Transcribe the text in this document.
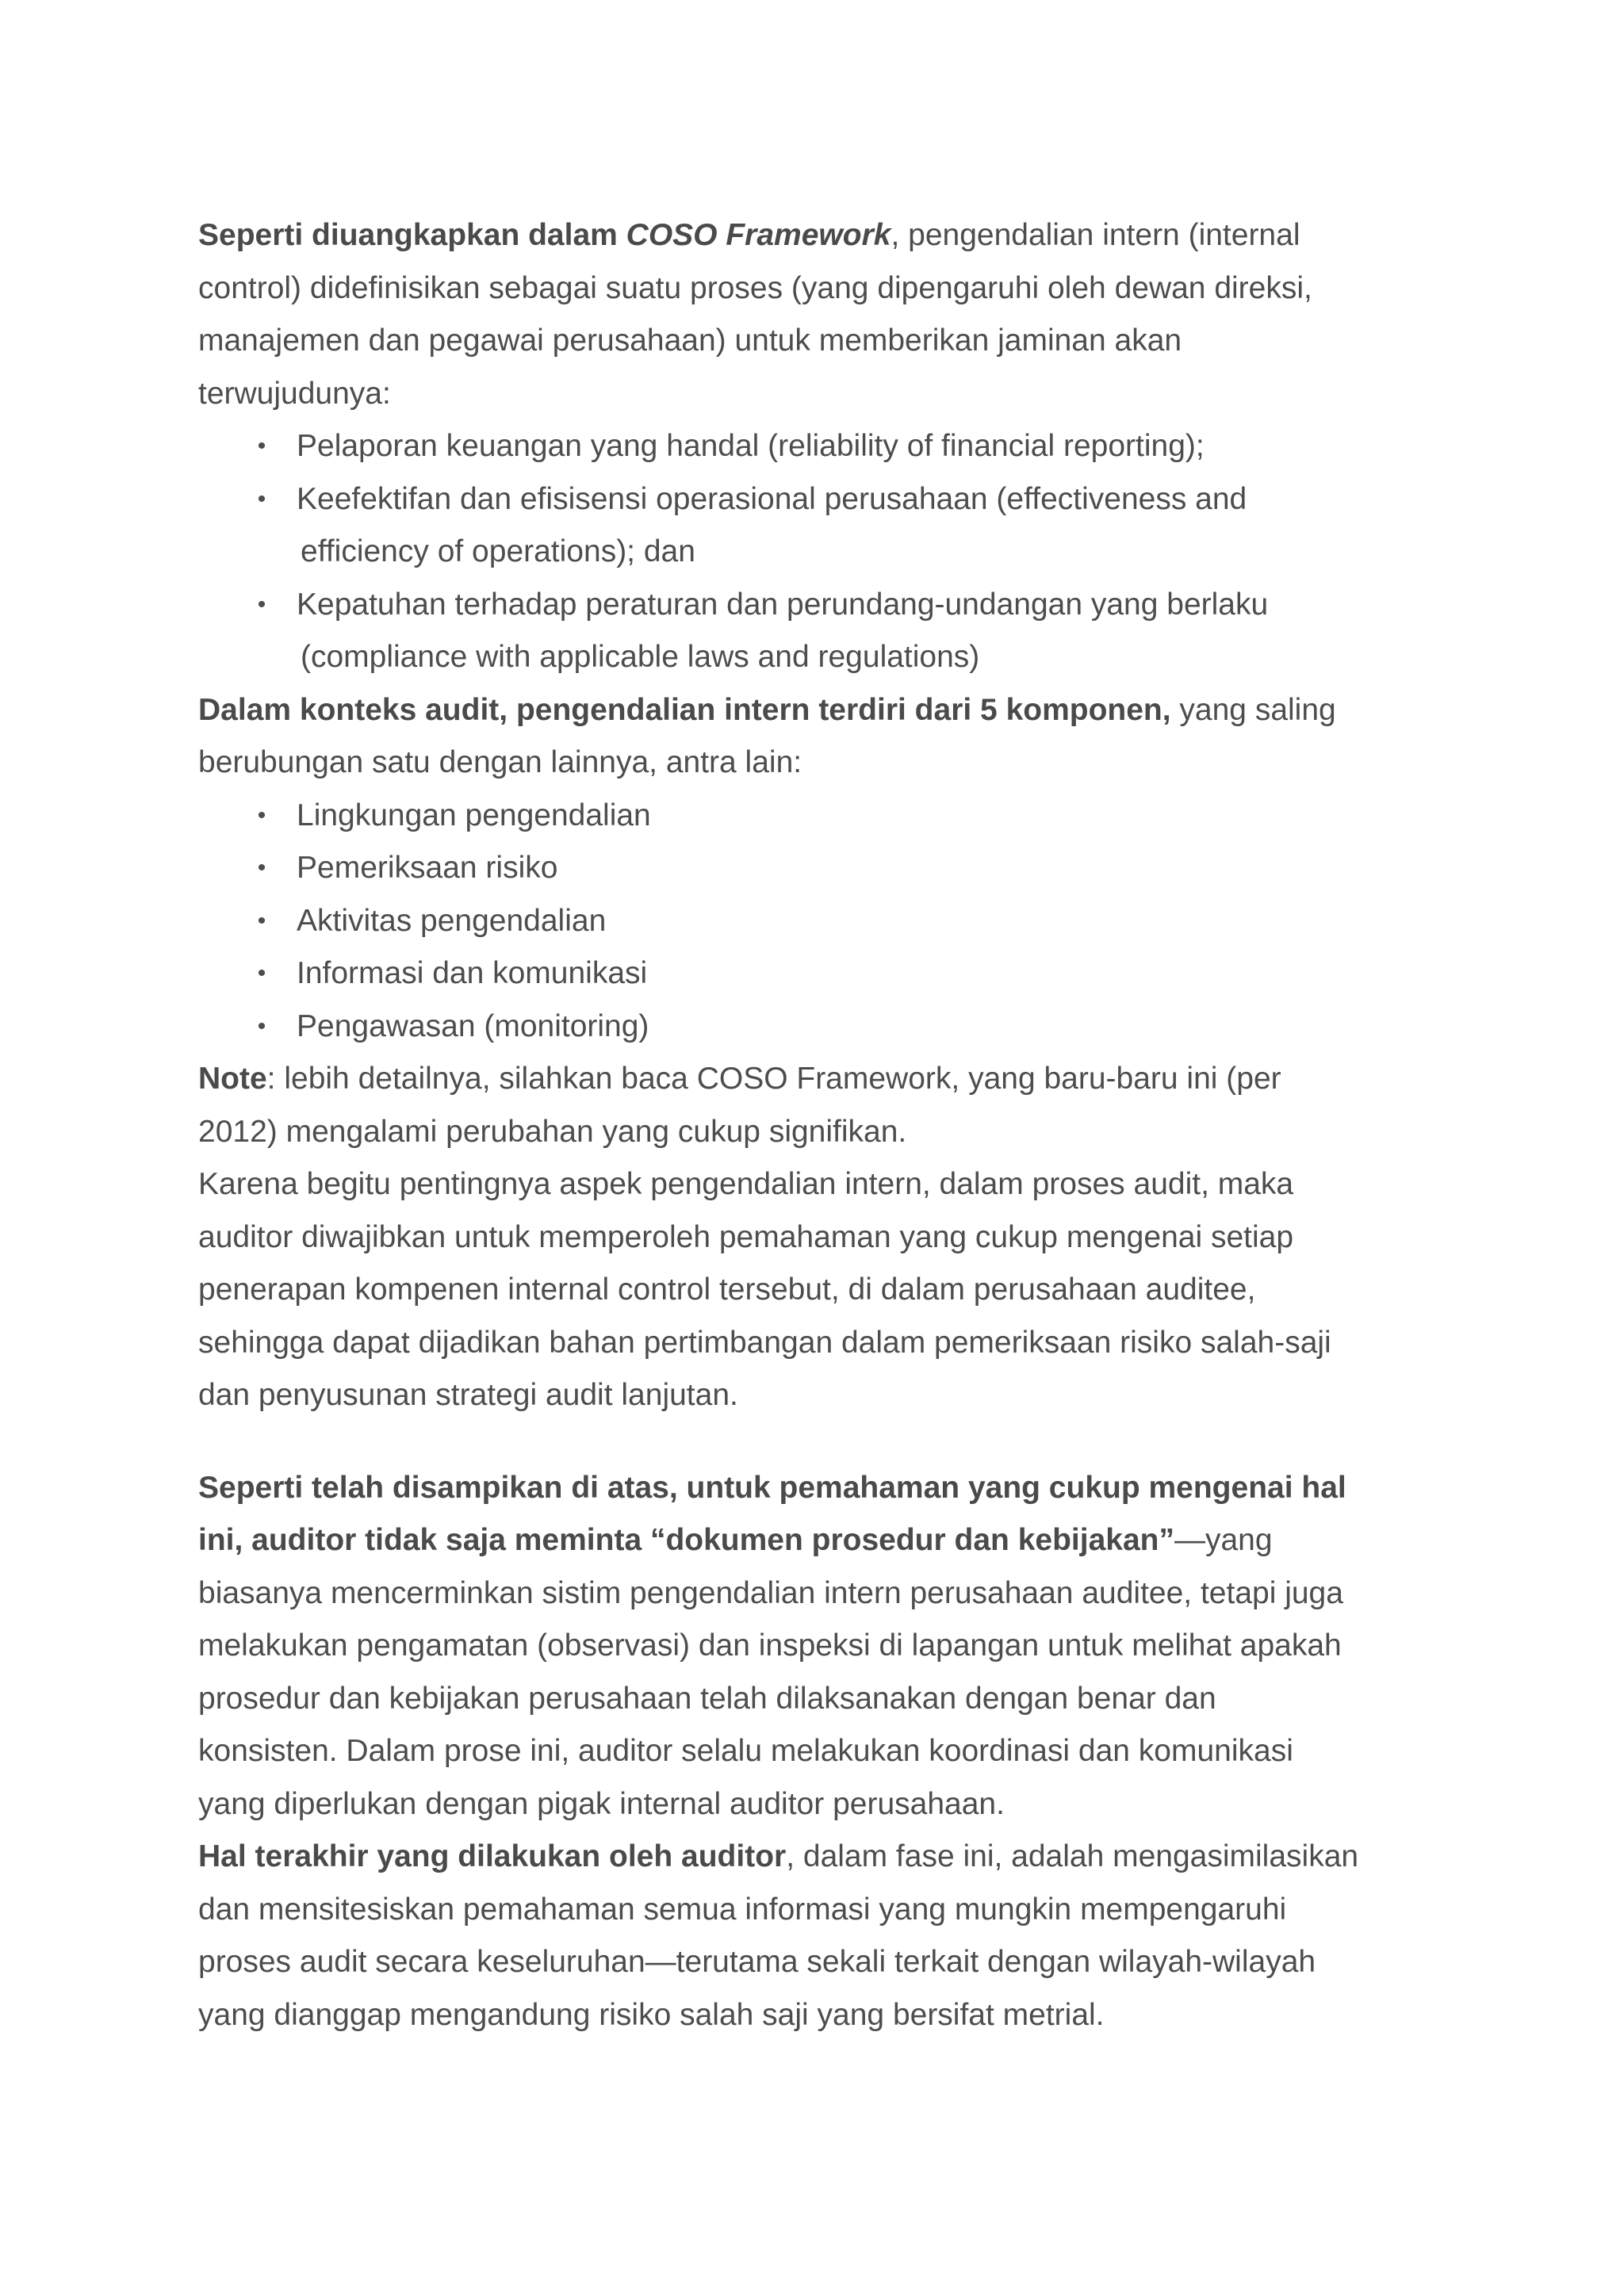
Seperti diuangkapkan dalam COSO Framework, pengendalian intern (internal
control) didefinisikan sebagai suatu proses (yang dipengaruhi oleh dewan direksi,
manajemen dan pegawai perusahaan) untuk memberikan jaminan akan
terwujudunya:

• Pelaporan keuangan yang handal (reliability of financial reporting);
• Keefektifan dan efisisensi operasional perusahaan (effectiveness and
efficiency of operations); dan
• Kepatuhan terhadap peraturan dan perundang-undangan yang berlaku
(compliance with applicable laws and regulations)

Dalam konteks audit, pengendalian intern terdiri dari 5 komponen, yang saling
berubungan satu dengan lainnya, antra lain:

• Lingkungan pengendalian
• Pemeriksaan risiko
• Aktivitas pengendalian
• Informasi dan komunikasi
• Pengawasan (monitoring)

Note: lebih detailnya, silahkan baca COSO Framework, yang baru-baru ini (per
2012) mengalami perubahan yang cukup signifikan.

Karena begitu pentingnya aspek pengendalian intern, dalam proses audit, maka
auditor diwajibkan untuk memperoleh pemahaman yang cukup mengenai setiap
penerapan kompenen internal control tersebut, di dalam perusahaan auditee,
sehingga dapat dijadikan bahan pertimbangan dalam pemeriksaan risiko salah-saji
dan penyusunan strategi audit lanjutan.

Seperti telah disampikan di atas, untuk pemahaman yang cukup mengenai hal
ini, auditor tidak saja meminta “dokumen prosedur dan kebijakan”—yang
biasanya mencerminkan sistim pengendalian intern perusahaan auditee, tetapi juga
melakukan pengamatan (observasi) dan inspeksi di lapangan untuk melihat apakah
prosedur dan kebijakan perusahaan telah dilaksanakan dengan benar dan
konsisten. Dalam prose ini, auditor selalu melakukan koordinasi dan komunikasi
yang diperlukan dengan pigak internal auditor perusahaan.

Hal terakhir yang dilakukan oleh auditor, dalam fase ini, adalah mengasimilasikan
dan mensitesiskan pemahaman semua informasi yang mungkin mempengaruhi
proses audit secara keseluruhan—terutama sekali terkait dengan wilayah-wilayah
yang dianggap mengandung risiko salah saji yang bersifat metrial.
